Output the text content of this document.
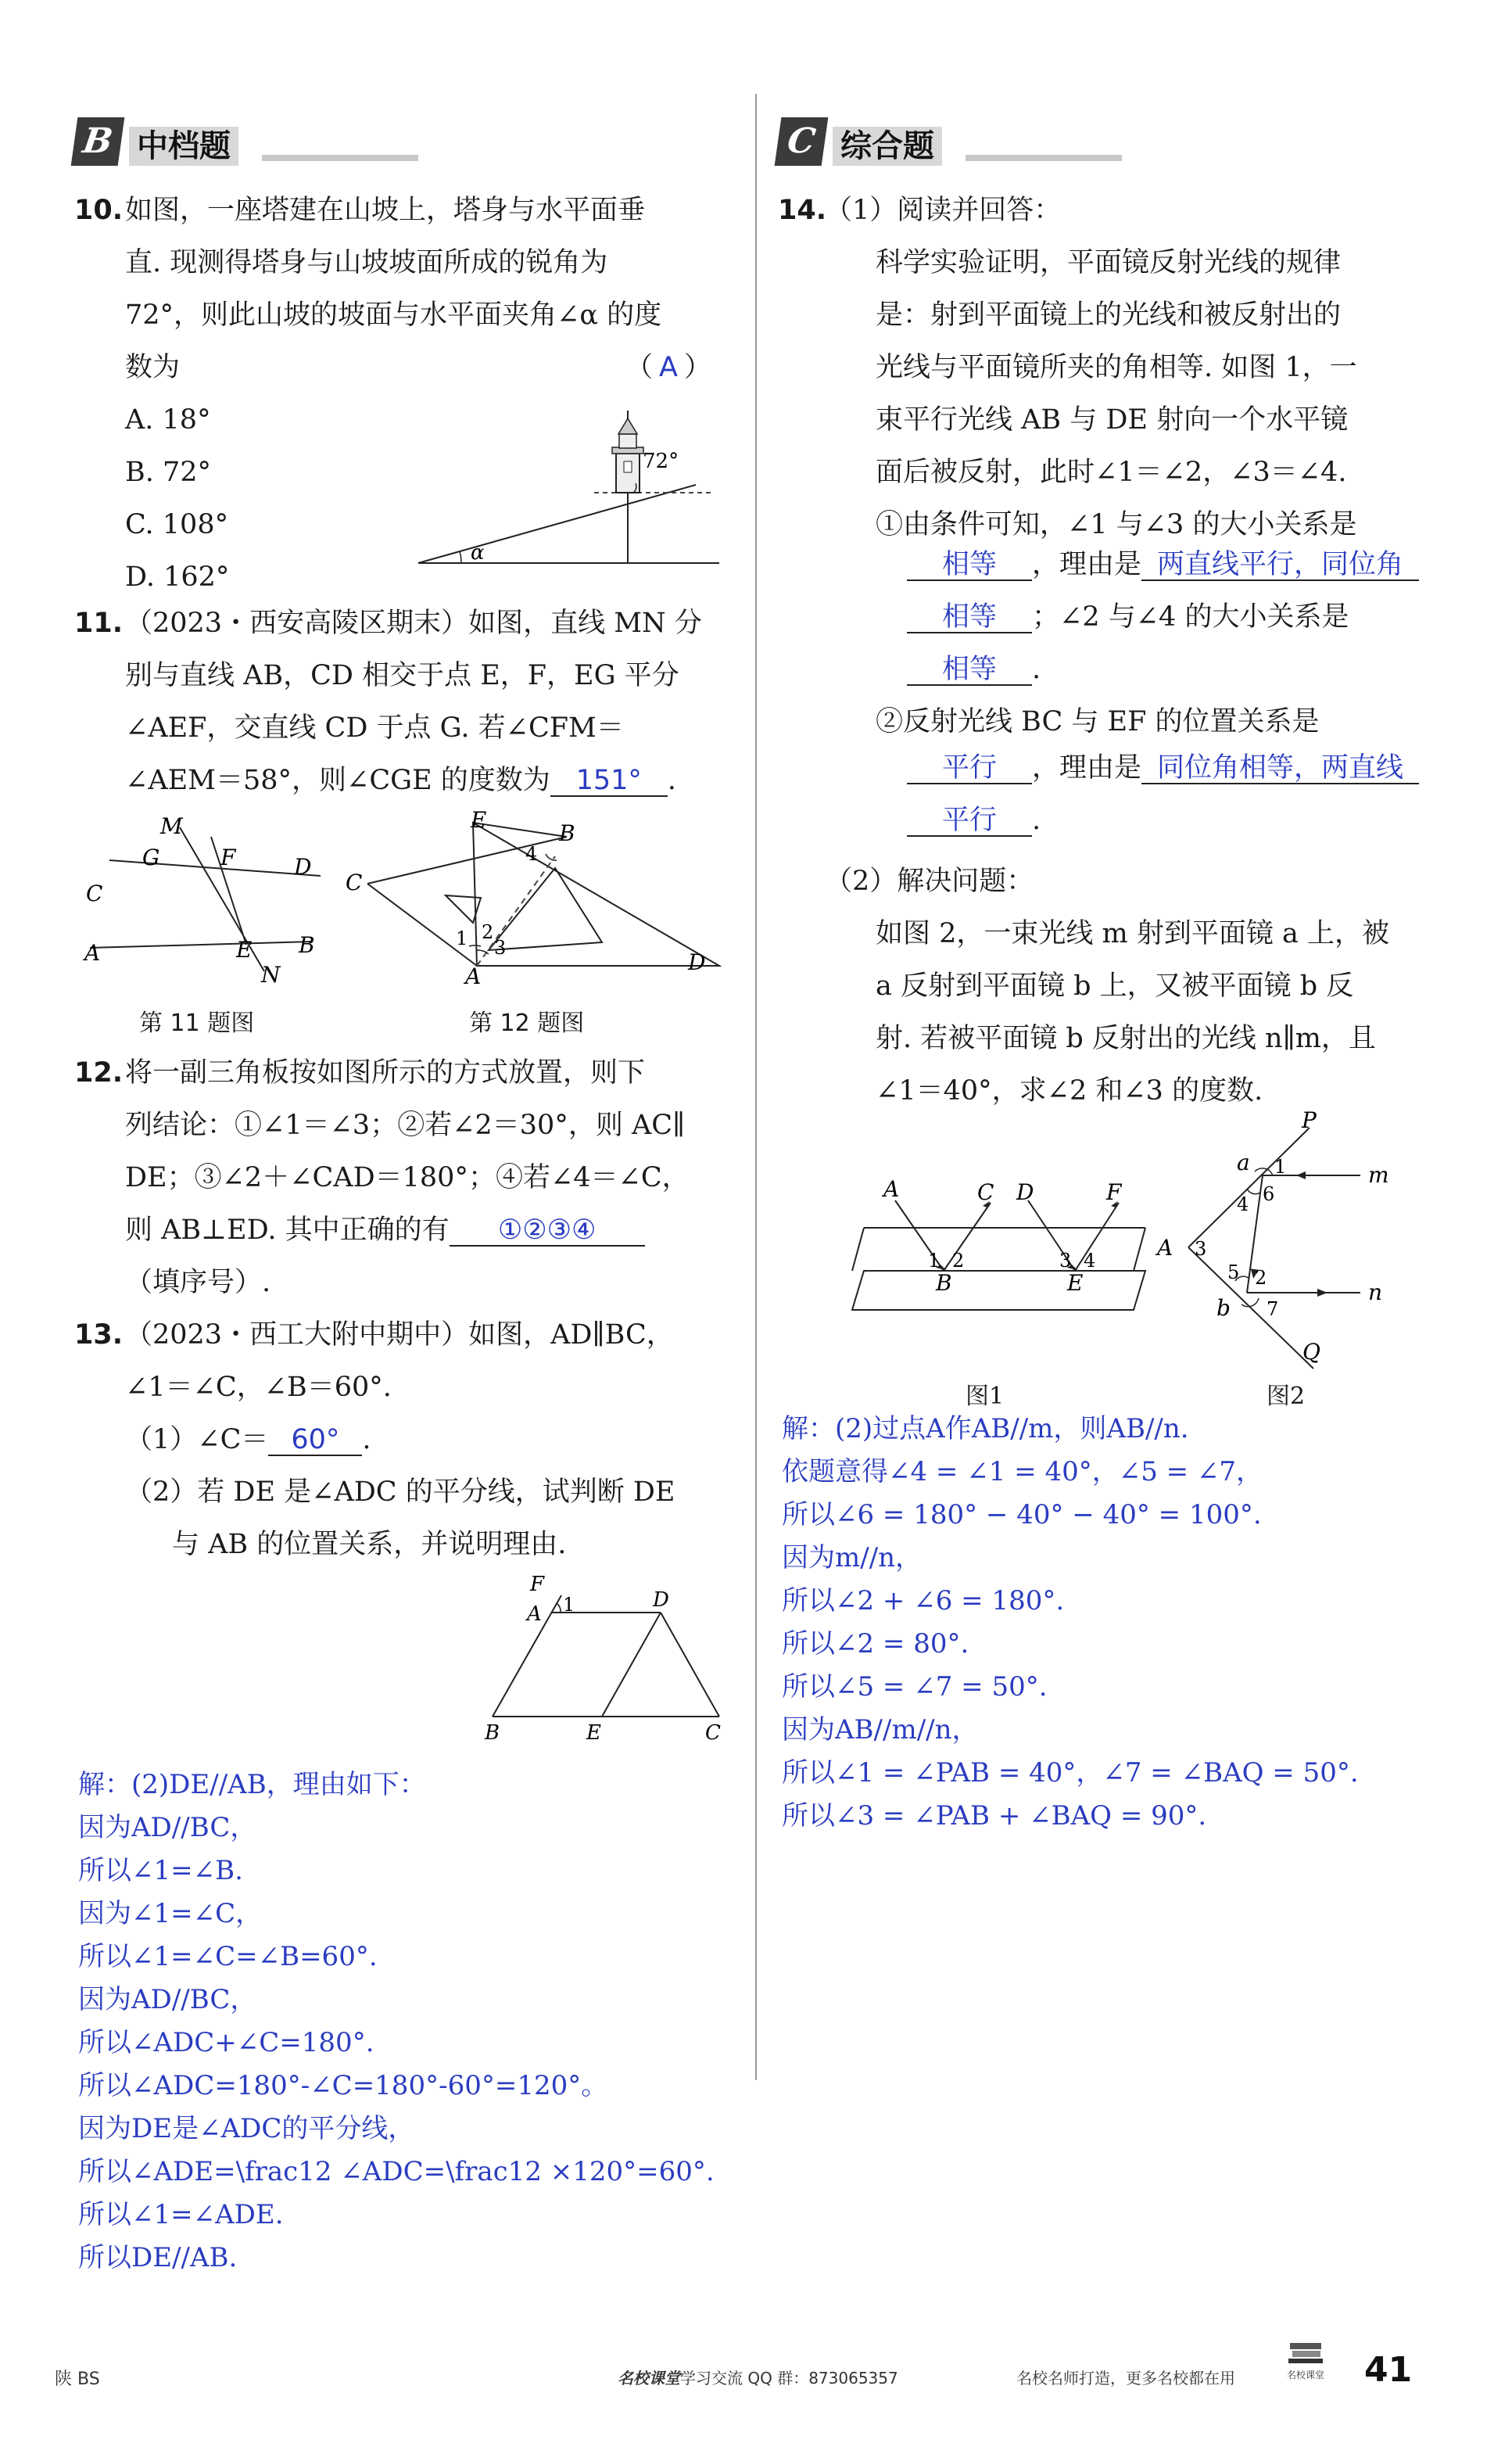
B 中档题	C 综合题
10. 如图，一座塔建在山坡上，塔身与水平面垂
直. 现测得塔身与山坡坡面所成的锐角为
72°，则此山坡的坡面与水平面夹角∠α 的度
数为	（ A ）
A. 18°
B. 72°
C. 108°
D. 162°
72°
α
11. （2023・西安高陵区期末）如图，直线 MN 分
别与直线 AB，CD 相交于点 E，F，EG 平分
∠AEF，交直线 CD 于点 G. 若∠CFM＝
∠AEM＝58°，则∠CGE 的度数为 151° .
M
G	F	D
C
A	E B
N
第 11 题图
E
B
C
4
2
1 3
A
D
第 12 题图
12. 将一副三角板按如图所示的方式放置，则下
列结论：①∠1＝∠3；②若∠2＝30°，则 AC∥
DE；③∠2＋∠CAD＝180°；④若∠4＝∠C，
则 AB⊥ED. 其中正确的有 ①②③④
（填序号）.
13. （2023・西工大附中期中）如图，AD∥BC，
∠1＝∠C，∠B＝60°.
（1）∠C＝ 60° .
（2）若 DE 是∠ADC 的平分线，试判断 DE
与 AB 的位置关系，并说明理由.
F
A 1	D
B	E	C
解：(2)DE//AB，理由如下：
因为AD//BC，
所以∠1=∠B.
因为∠1=∠C，
所以∠1=∠C=∠B=60°.
因为AD//BC，
所以∠ADC+∠C=180°.
所以∠ADC=180°-∠C=180°-60°=120°。
因为DE是∠ADC的平分线，
所以∠ADE=\frac12 ∠ADC=\frac12 ×120°=60°.
所以∠1=∠ADE.
所以DE//AB.
14.
（1）阅读并回答：
科学实验证明，平面镜反射光线的规律
是：射到平面镜上的光线和被反射出的
光线与平面镜所夹的角相等. 如图 1，一
束平行光线 AB 与 DE 射向一个水平镜
面后被反射，此时∠1＝∠2，∠3＝∠4.
①由条件可知，∠1 与∠3 的大小关系是
相等 ，理由是 两直线平行，同位角
相等 ；∠2 与∠4 的大小关系是
相等 .
②反射光线 BC 与 EF 的位置关系是
平行 ，理由是 同位角相等，两直线
平行 .
（2）解决问题：
如图 2，一束光线 m 射到平面镜 a 上，被
a 反射到平面镜 b 上，又被平面镜 b 反
射. 若被平面镜 b 反射出的光线 n∥m，且
∠1＝40°，求∠2 和∠3 的度数.
A	C D	F
1 2	3 4
B	E
图1
P
a 1	m
4 6
A 3
5 2
n
b 7
Q
图2
解：(2)过点A作AB//m，则AB//n.
依题意得∠4 = ∠1 = 40°，∠5 = ∠7，
所以∠6 = 180° − 40° − 40° = 100°.
因为m//n，
所以∠2 + ∠6 = 180°.
所以∠2 = 80°.
所以∠5 = ∠7 = 50°.
因为AB//m//n，
所以∠1 = ∠PAB = 40°，∠7 = ∠BAQ = 50°.
所以∠3 = ∠PAB + ∠BAQ = 90°.
陕 BS	名校课堂学习交流 QQ 群：873065357	名校名师打造，更多名校都在用	名校课堂 41
